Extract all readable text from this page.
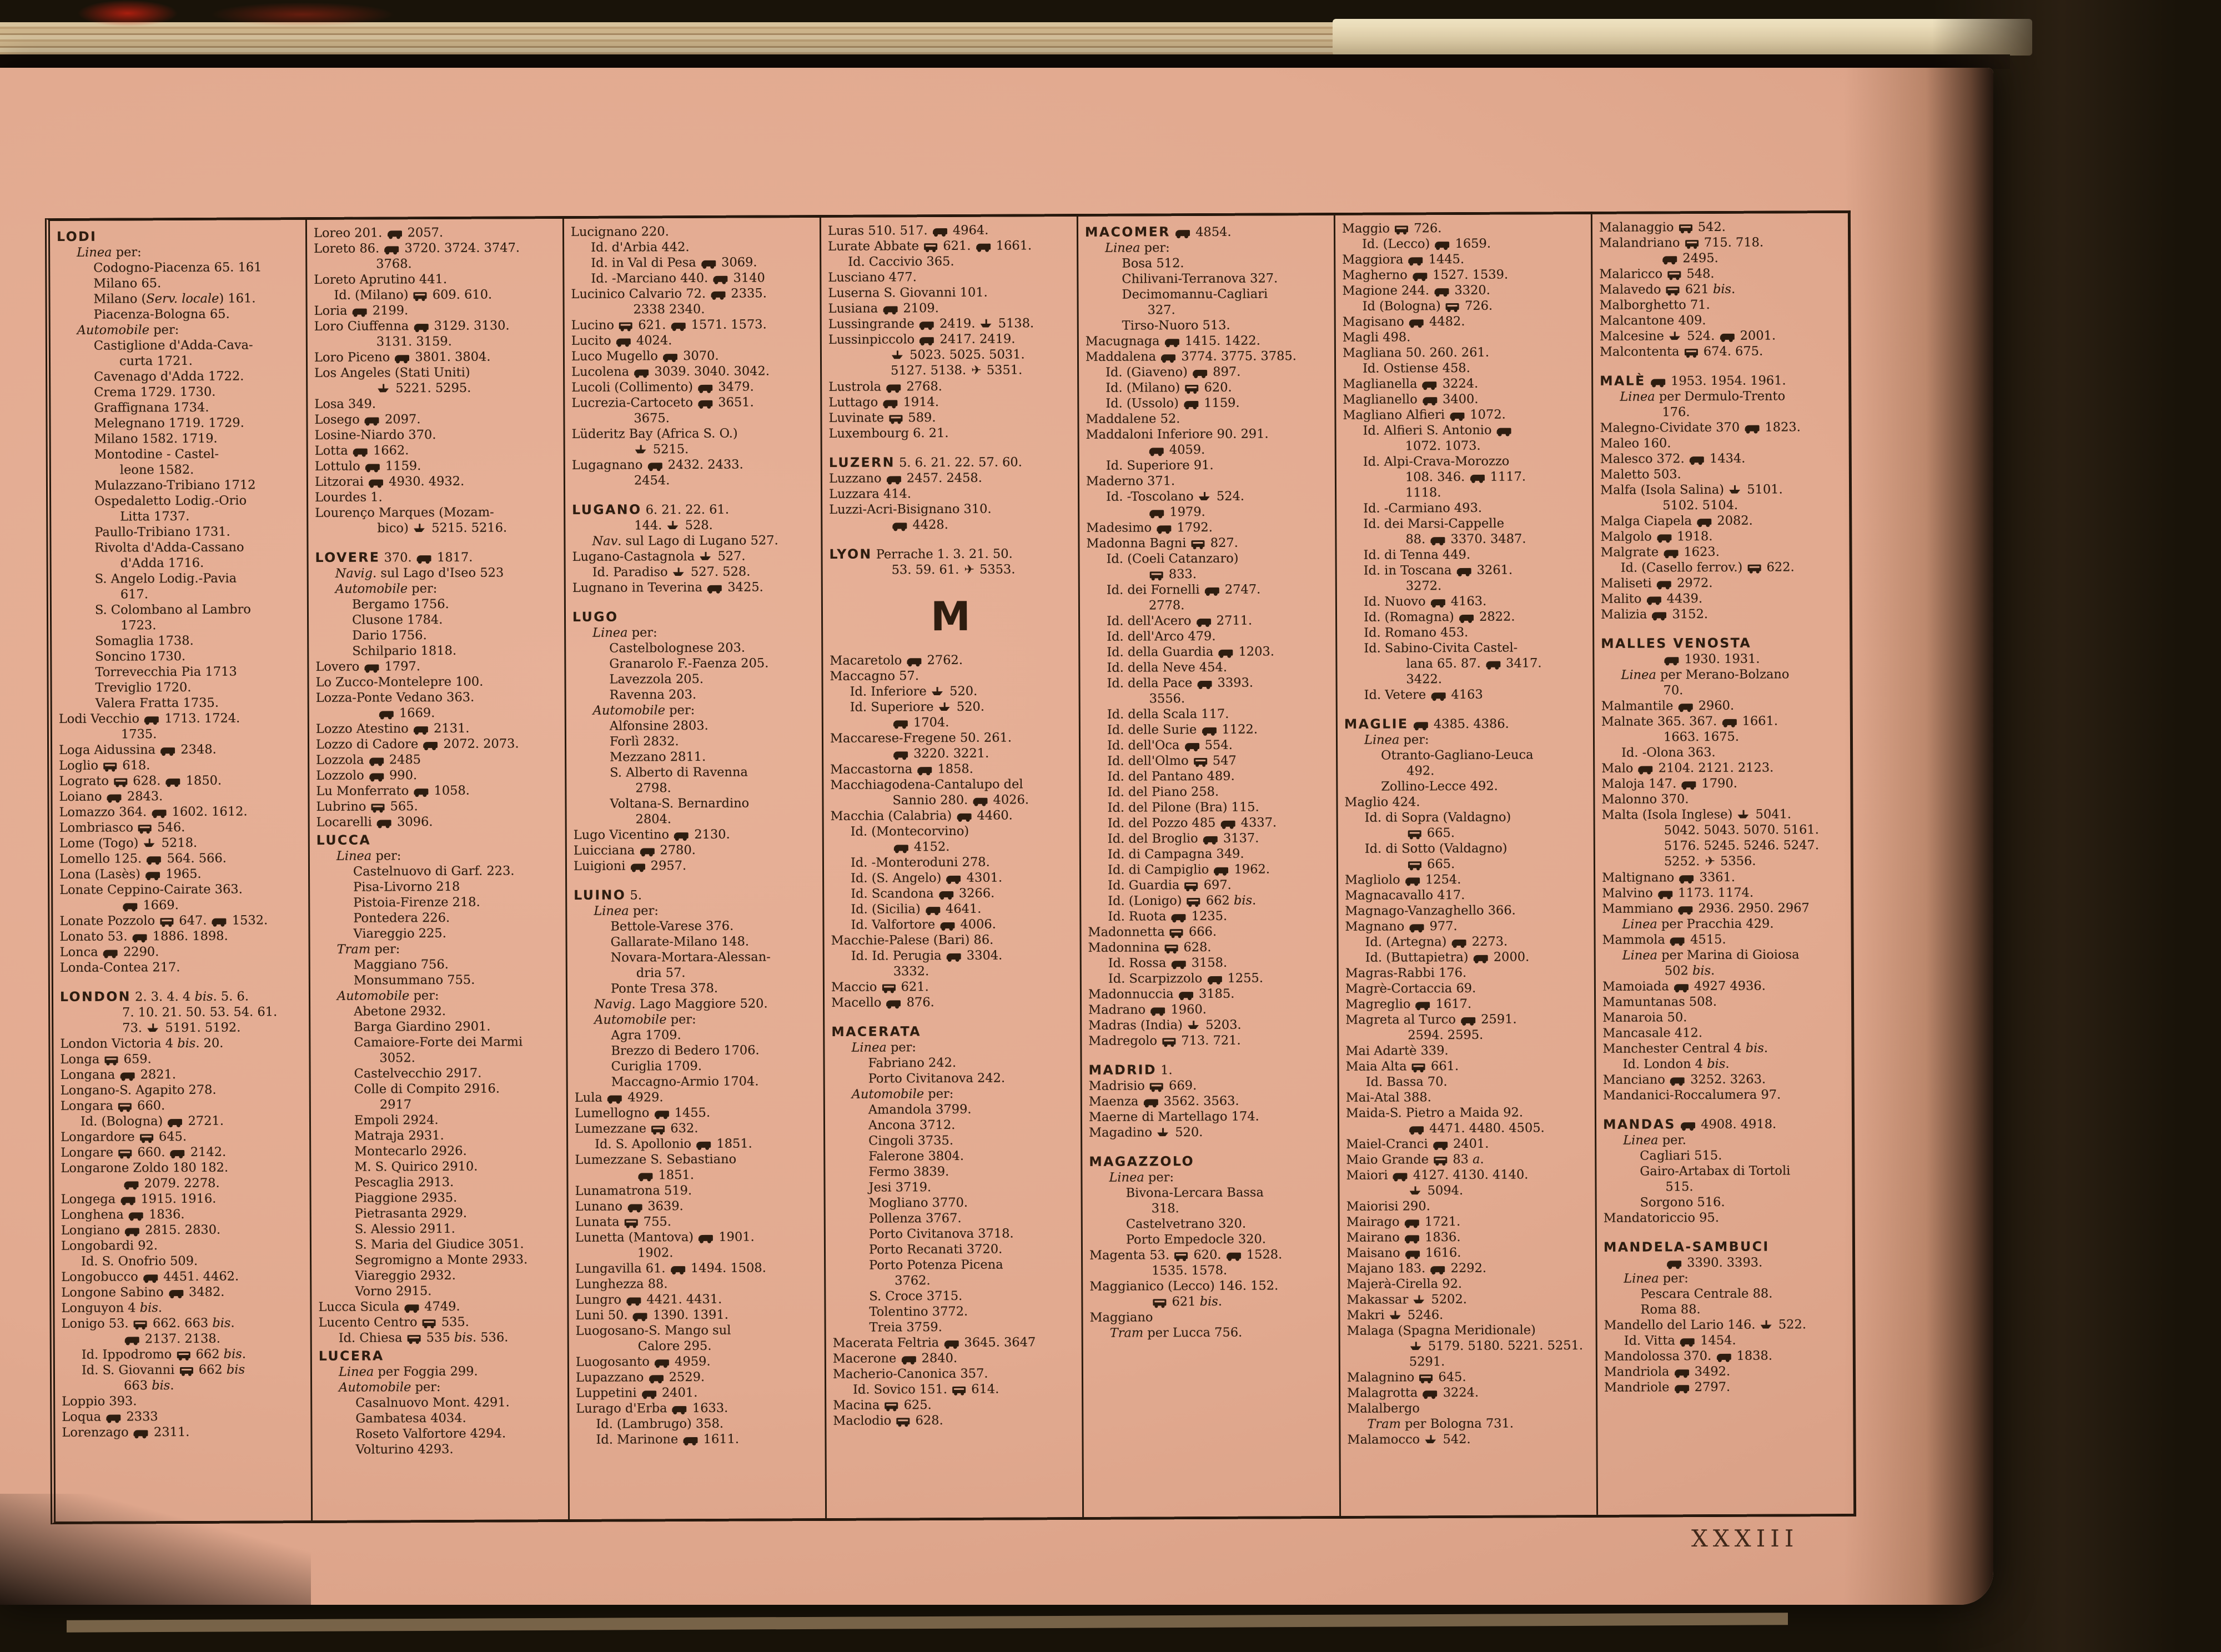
LODI
Linea per:
Codogno-Piacenza 65. 161
Milano 65.
Milano (Serv. locale) 161.
Piacenza-Bologna 65.
Automobile per:
Castiglione d'Adda-Cava-
curta 1721.
Cavenago d'Adda 1722.
Crema 1729. 1730.
Graffignana 1734.
Melegnano 1719. 1729.
Milano 1582. 1719.
Montodine - Castel-
leone 1582.
Mulazzano-Tribiano 1712
Ospedaletto Lodig.-Orio
Litta 1737.
Paullo-Tribiano 1731.
Rivolta d'Adda-Cassano
d'Adda 1716.
S. Angelo Lodig.-Pavia
617.
S. Colombano al Lambro
1723.
Somaglia 1738.
Soncino 1730.
Torrevecchia Pia 1713
Treviglio 1720.
Valera Fratta 1735.
Lodi Vecchio  1713. 1724.
1735.
Loga Aidussina  2348.
Loglio  618.
Lograto  628.  1850.
Loiano  2843.
Lomazzo 364.  1602. 1612.
Lombriasco  546.
Lome (Togo)  5218.
Lomello 125.  564. 566.
Lona (Lasès)  1965.
Lonate Ceppino-Cairate 363.
1669.
Lonate Pozzolo  647.  1532.
Lonato 53.  1886. 1898.
Lonca  2290.
Londa-Contea 217.
LONDON 2. 3. 4. 4 bis. 5. 6.
7. 10. 21. 50. 53. 54. 61.
73.  5191. 5192.
London Victoria 4 bis. 20.
Longa  659.
Longana  2821.
Longano-S. Agapito 278.
Longara  660.
Id. (Bologna)  2721.
Longardore  645.
Longare  660.  2142.
Longarone Zoldo 180 182.
2079. 2278.
Longega  1915. 1916.
Longhena  1836.
Longiano  2815. 2830.
Longobardi 92.
Id. S. Onofrio 509.
Longobucco  4451. 4462.
Longone Sabino  3482.
Longuyon 4 bis.
Lonigo 53.  662. 663 bis.
2137. 2138.
Id. Ippodromo  662 bis.
Id. S. Giovanni  662 bis
663 bis.
Loppio 393.
Loqua  2333
Lorenzago  2311.
Loreo 201.  2057.
Loreto 86.  3720. 3724. 3747.
3768.
Loreto Aprutino 441.
Id. (Milano)  609. 610.
Loria  2199.
Loro Ciuffenna  3129. 3130.
3131. 3159.
Loro Piceno  3801. 3804.
Los Angeles (Stati Uniti)
5221. 5295.
Losa 349.
Losego  2097.
Losine-Niardo 370.
Lotta  1662.
Lottulo  1159.
Litzorai  4930. 4932.
Lourdes 1.
Lourenço Marques (Mozam-
bico)  5215. 5216.
LOVERE 370.  1817.
Navig. sul Lago d'Iseo 523
Automobile per:
Bergamo 1756.
Clusone 1784.
Dario 1756.
Schilpario 1818.
Lovero  1797.
Lo Zucco-Montelepre 100.
Lozza-Ponte Vedano 363.
1669.
Lozzo Atestino  2131.
Lozzo di Cadore  2072. 2073.
Lozzola  2485
Lozzolo  990.
Lu Monferrato  1058.
Lubrino  565.
Locarelli  3096.
LUCCA
Linea per:
Castelnuovo di Garf. 223.
Pisa-Livorno 218
Pistoia-Firenze 218.
Pontedera 226.
Viareggio 225.
Tram per:
Maggiano 756.
Monsummano 755.
Automobile per:
Abetone 2932.
Barga Giardino 2901.
Camaiore-Forte dei Marmi
3052.
Castelvecchio 2917.
Colle di Compito 2916.
2917
Empoli 2924.
Matraja 2931.
Montecarlo 2926.
M. S. Quirico 2910.
Pescaglia 2913.
Piaggione 2935.
Pietrasanta 2929.
S. Alessio 2911.
S. Maria del Giudice 3051.
Segromigno a Monte 2933.
Viareggio 2932.
Vorno 2915.
Lucca Sicula  4749.
Lucento Centro  535.
Id. Chiesa  535 bis. 536.
LUCERA
Linea per Foggia 299.
Automobile per:
Casalnuovo Mont. 4291.
Gambatesa 4034.
Roseto Valfortore 4294.
Volturino 4293.
Lucignano 220.
Id. d'Arbia 442.
Id. in Val di Pesa  3069.
Id. -Marciano 440.  3140
Lucinico Calvario 72.  2335.
2338 2340.
Lucino  621.  1571. 1573.
Lucito  4024.
Luco Mugello  3070.
Lucolena  3039. 3040. 3042.
Lucoli (Collimento)  3479.
Lucrezia-Cartoceto  3651.
3675.
Lüderitz Bay (Africa S. O.)
5215.
Lugagnano  2432. 2433.
2454.
LUGANO 6. 21. 22. 61.
144.  528.
Nav. sul Lago di Lugano 527.
Lugano-Castagnola  527.
Id. Paradiso  527. 528.
Lugnano in Teverina  3425.
LUGO
Linea per:
Castelbolognese 203.
Granarolo F.-Faenza 205.
Lavezzola 205.
Ravenna 203.
Automobile per:
Alfonsine 2803.
Forlì 2832.
Mezzano 2811.
S. Alberto di Ravenna
2798.
Voltana-S. Bernardino
2804.
Lugo Vicentino  2130.
Luicciana  2780.
Luigioni  2957.
LUINO 5.
Linea per:
Bettole-Varese 376.
Gallarate-Milano 148.
Novara-Mortara-Alessan-
dria 57.
Ponte Tresa 378.
Navig. Lago Maggiore 520.
Automobile per:
Agra 1709.
Brezzo di Bedero 1706.
Curiglia 1709.
Maccagno-Armio 1704.
Lula  4929.
Lumellogno  1455.
Lumezzane  632.
Id. S. Apollonio  1851.
Lumezzane S. Sebastiano
1851.
Lunamatrona 519.
Lunano  3639.
Lunata  755.
Lunetta (Mantova)  1901.
1902.
Lungavilla 61.  1494. 1508.
Lunghezza 88.
Lungro  4421. 4431.
Luni 50.  1390. 1391.
Luogosano-S. Mango sul
Calore 295.
Luogosanto  4959.
Lupazzano  2529.
Luppetini  2401.
Lurago d'Erba  1633.
Id. (Lambrugo) 358.
Id. Marinone  1611.
Luras 510. 517.  4964.
Lurate Abbate  621.  1661.
Id. Caccivio 365.
Lusciano 477.
Luserna S. Giovanni 101.
Lusiana  2109.
Lussingrande  2419.  5138.
Lussinpiccolo  2417. 2419.
5023. 5025. 5031.
5127. 5138. ✈ 5351.
Lustrola  2768.
Luttago  1914.
Luvinate  589.
Luxembourg 6. 21.
LUZERN 5. 6. 21. 22. 57. 60.
Luzzano  2457. 2458.
Luzzara 414.
Luzzi-Acri-Bisignano 310.
4428.
LYON Perrache 1. 3. 21. 50.
53. 59. 61. ✈ 5353.
M
Macaretolo  2762.
Maccagno 57.
Id. Inferiore  520.
Id. Superiore  520.
1704.
Maccarese-Fregene 50. 261.
3220. 3221.
Maccastorna  1858.
Macchiagodena-Cantalupo del
Sannio 280.  4026.
Macchia (Calabria)  4460.
Id. (Montecorvino)
4152.
Id. -Monteroduni 278.
Id. (S. Angelo)  4301.
Id. Scandona  3266.
Id. (Sicilia)  4641.
Id. Valfortore  4006.
Macchie-Palese (Bari) 86.
Id. Id. Perugia  3304.
3332.
Maccio  621.
Macello  876.
MACERATA
Linea per:
Fabriano 242.
Porto Civitanova 242.
Automobile per:
Amandola 3799.
Ancona 3712.
Cingoli 3735.
Falerone 3804.
Fermo 3839.
Jesi 3719.
Mogliano 3770.
Pollenza 3767.
Porto Civitanova 3718.
Porto Recanati 3720.
Porto Potenza Picena
3762.
S. Croce 3715.
Tolentino 3772.
Treia 3759.
Macerata Feltria  3645. 3647
Macerone  2840.
Macherio-Canonica 357.
Id. Sovico 151.  614.
Macina  625.
Maclodio  628.
MACOMER  4854.
Linea per:
Bosa 512.
Chilivani-Terranova 327.
Decimomannu-Cagliari
327.
Tirso-Nuoro 513.
Macugnaga  1415. 1422.
Maddalena  3774. 3775. 3785.
Id. (Giaveno)  897.
Id. (Milano)  620.
Id. (Ussolo)  1159.
Maddalene 52.
Maddaloni Inferiore 90. 291.
4059.
Id. Superiore 91.
Maderno 371.
Id. -Toscolano  524.
1979.
Madesimo  1792.
Madonna Bagni  827.
Id. (Coeli Catanzaro)
833.
Id. dei Fornelli  2747.
2778.
Id. dell'Acero  2711.
Id. dell'Arco 479.
Id. della Guardia  1203.
Id. della Neve 454.
Id. della Pace  3393.
3556.
Id. della Scala 117.
Id. delle Surie  1122.
Id. dell'Oca  554.
Id. dell'Olmo  547
Id. del Pantano 489.
Id. del Piano 258.
Id. del Pilone (Bra) 115.
Id. del Pozzo 485  4337.
Id. del Broglio  3137.
Id. di Campagna 349.
Id. di Campiglio  1962.
Id. Guardia  697.
Id. (Lonigo)  662 bis.
Id. Ruota  1235.
Madonnetta  666.
Madonnina  628.
Id. Rossa  3158.
Id. Scarpizzolo  1255.
Madonnuccia  3185.
Madrano  1960.
Madras (India)  5203.
Madregolo  713. 721.
MADRID 1.
Madrisio  669.
Maenza  3562. 3563.
Maerne di Martellago 174.
Magadino  520.
MAGAZZOLO
Linea per:
Bivona-Lercara Bassa
318.
Castelvetrano 320.
Porto Empedocle 320.
Magenta 53.  620.  1528.
1535. 1578.
Maggianico (Lecco) 146. 152.
621 bis.
Maggiano
Tram per Lucca 756.
Maggio  726.
Id. (Lecco)  1659.
Maggiora  1445.
Magherno  1527. 1539.
Magione 244.  3320.
Id (Bologna)  726.
Magisano  4482.
Magli 498.
Magliana 50. 260. 261.
Id. Ostiense 458.
Maglianella  3224.
Maglianello  3400.
Magliano Alfieri  1072.
Id. Alfieri S. Antonio
1072. 1073.
Id. Alpi-Crava-Morozzo
108. 346.  1117.
1118.
Id. -Carmiano 493.
Id. dei Marsi-Cappelle
88.  3370. 3487.
Id. di Tenna 449.
Id. in Toscana  3261.
3272.
Id. Nuovo  4163.
Id. (Romagna)  2822.
Id. Romano 453.
Id. Sabino-Civita Castel-
lana 65. 87.  3417.
3422.
Id. Vetere  4163
MAGLIE  4385. 4386.
Linea per:
Otranto-Gagliano-Leuca
492.
Zollino-Lecce 492.
Maglio 424.
Id. di Sopra (Valdagno)
665.
Id. di Sotto (Valdagno)
665.
Magliolo  1254.
Magnacavallo 417.
Magnago-Vanzaghello 366.
Magnano  977.
Id. (Artegna)  2273.
Id. (Buttapietra)  2000.
Magras-Rabbi 176.
Magrè-Cortaccia 69.
Magreglio  1617.
Magreta al Turco  2591.
2594. 2595.
Mai Adartè 339.
Maia Alta  661.
Id. Bassa 70.
Mai-Atal 388.
Maida-S. Pietro a Maida 92.
4471. 4480. 4505.
Maiel-Cranci  2401.
Maio Grande  83 a.
Maiori  4127. 4130. 4140.
5094.
Maiorisi 290.
Mairago  1721.
Mairano  1836.
Maisano  1616.
Majano 183.  2292.
Majerà-Cirella 92.
Makassar  5202.
Makri  5246.
Malaga (Spagna Meridionale)
5179. 5180. 5221. 5251.
5291.
Malagnino  645.
Malagrotta  3224.
Malalbergo
Tram per Bologna 731.
Malamocco  542.
Malanaggio  542.
Malandriano  715. 718.
2495.
Malaricco  548.
Malavedo  621 bis.
Malborghetto 71.
Malcantone 409.
Malcesine  524.  2001.
Malcontenta  674. 675.
MALÈ  1953. 1954. 1961.
Linea per Dermulo-Trento
176.
Malegno-Cividate 370  1823.
Maleo 160.
Malesco 372.  1434.
Maletto 503.
Malfa (Isola Salina)  5101.
5102. 5104.
Malga Ciapela  2082.
Malgolo  1918.
Malgrate  1623.
Id. (Casello ferrov.)  622.
Maliseti  2972.
Malito  4439.
Malizia  3152.
MALLES VENOSTA
1930. 1931.
Linea per Merano-Bolzano
70.
Malmantile  2960.
Malnate 365. 367.  1661.
1663. 1675.
Id. -Olona 363.
Malo  2104. 2121. 2123.
Maloja 147.  1790.
Malonno 370.
Malta (Isola Inglese)  5041.
5042. 5043. 5070. 5161.
5176. 5245. 5246. 5247.
5252. ✈ 5356.
Maltignano  3361.
Malvino  1173. 1174.
Mammiano  2936. 2950. 2967
Linea per Pracchia 429.
Mammola  4515.
Linea per Marina di Gioiosa
502 bis.
Mamoiada  4927 4936.
Mamuntanas 508.
Manaroia 50.
Mancasale 412.
Manchester Central 4 bis.
Id. London 4 bis.
Manciano  3252. 3263.
Mandanici-Roccalumera 97.
MANDAS  4908. 4918.
Linea per.
Cagliari 515.
Gairo-Artabax di Tortoli
515.
Sorgono 516.
Mandatoriccio 95.
MANDELA-SAMBUCI
3390. 3393.
Linea per:
Pescara Centrale 88.
Roma 88.
Mandello del Lario 146.  522.
Id. Vitta  1454.
Mandolossa 370.  1838.
Mandriola  3492.
Mandriole  2797.
XXXIII
